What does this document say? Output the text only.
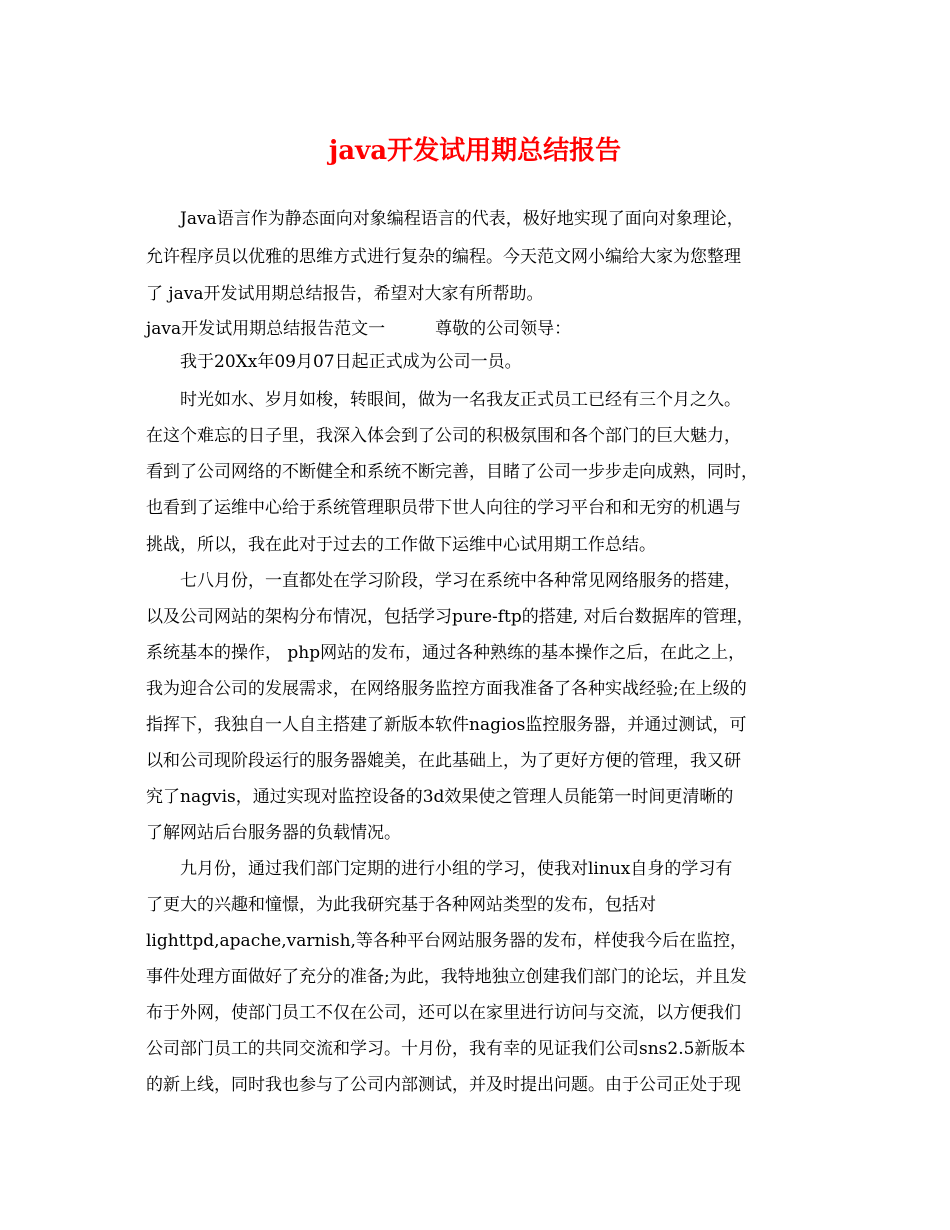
java开发试用期总结报告
Java语言作为静态面向对象编程语言的代表，极好地实现了面向对象理论，
允许程序员以优雅的思维方式进行复杂的编程。今天范文网小编给大家为您整理
了 java开发试用期总结报告，希望对大家有所帮助。
java开发试用期总结报告范文一	尊敬的公司领导：
我于20Xx年09月07日起正式成为公司一员。
时光如水、岁月如梭，转眼间，做为一名我友正式员工已经有三个月之久。
在这个难忘的日子里，我深入体会到了公司的积极氛围和各个部门的巨大魅力，
看到了公司网络的不断健全和系统不断完善，目睹了公司一步步走向成熟，同时，
也看到了运维中心给于系统管理职员带下世人向往的学习平台和和无穷的机遇与
挑战，所以，我在此对于过去的工作做下运维中心试用期工作总结。
七八月份，一直都处在学习阶段，学习在系统中各种常见网络服务的搭建，
以及公司网站的架构分布情况，包括学习pure-ftp的搭建, 对后台数据库的管理，
系统基本的操作， php网站的发布，通过各种熟练的基本操作之后，在此之上，
我为迎合公司的发展需求，在网络服务监控方面我准备了各种实战经验;在上级的
指挥下，我独自一人自主搭建了新版本软件nagios监控服务器，并通过测试，可
以和公司现阶段运行的服务器媲美，在此基础上，为了更好方便的管理，我又研
究了nagvis，通过实现对监控设备的3d效果使之管理人员能第一时间更清晰的
了解网站后台服务器的负载情况。
九月份，通过我们部门定期的进行小组的学习，使我对linux自身的学习有
了更大的兴趣和憧憬，为此我研究基于各种网站类型的发布，包括对
lighttpd,apache,varnish,等各种平台网站服务器的发布，样使我今后在监控，
事件处理方面做好了充分的准备;为此，我特地独立创建我们部门的论坛，并且发
布于外网，使部门员工不仅在公司，还可以在家里进行访问与交流，以方便我们
公司部门员工的共同交流和学习。十月份，我有幸的见证我们公司sns2.5新版本
的新上线，同时我也参与了公司内部测试，并及时提出问题。由于公司正处于现
